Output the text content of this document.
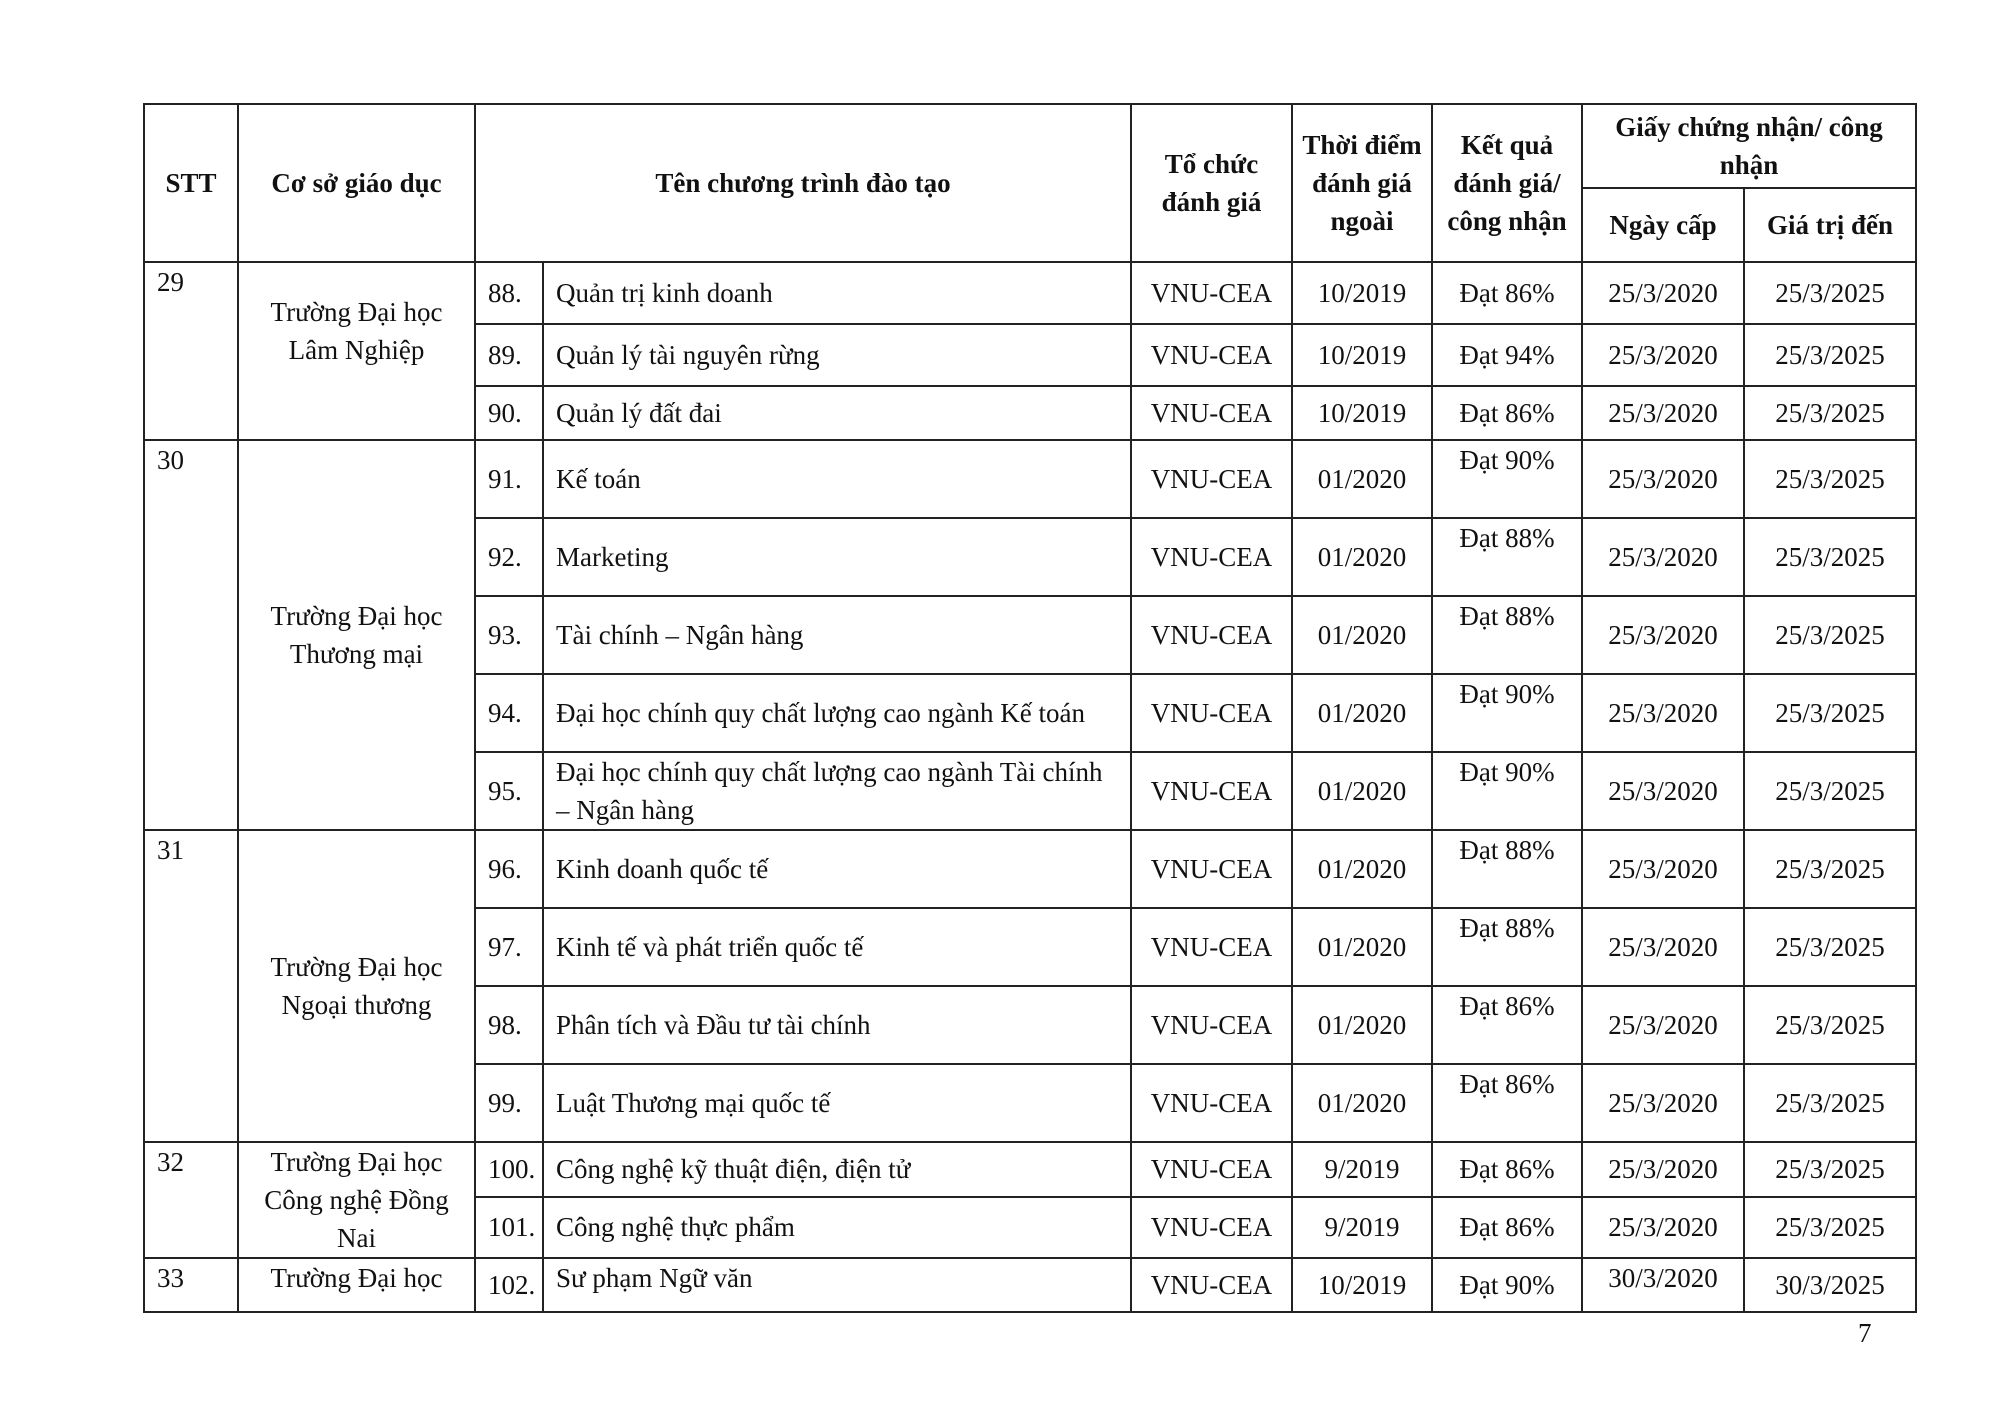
STT	Cơ sở giáo dục	Tên chương trình đào tạo		Tổ chức đánh giá	Thời điểm đánh giá ngoài	Kết quả đánh giá/ công nhận	Giấy chứng nhận/ công nhận	
							Ngày cấp	Giá trị đến
29	Trường Đại học Lâm Nghiệp	88.	Quản trị kinh doanh	VNU-CEA	10/2019	Đạt 86%	25/3/2020	25/3/2025
		89.	Quản lý tài nguyên rừng	VNU-CEA	10/2019	Đạt 94%	25/3/2020	25/3/2025
		90.	Quản lý đất đai	VNU-CEA	10/2019	Đạt 86%	25/3/2020	25/3/2025
30	Trường Đại học Thương mại	91.	Kế toán	VNU-CEA	01/2020	Đạt 90%	25/3/2020	25/3/2025
		92.	Marketing	VNU-CEA	01/2020	Đạt 88%	25/3/2020	25/3/2025
		93.	Tài chính – Ngân hàng	VNU-CEA	01/2020	Đạt 88%	25/3/2020	25/3/2025
		94.	Đại học chính quy chất lượng cao ngành Kế toán	VNU-CEA	01/2020	Đạt 90%	25/3/2020	25/3/2025
		95.	Đại học chính quy chất lượng cao ngành Tài chính – Ngân hàng	VNU-CEA	01/2020	Đạt 90%	25/3/2020	25/3/2025
31	Trường Đại học Ngoại thương	96.	Kinh doanh quốc tế	VNU-CEA	01/2020	Đạt 88%	25/3/2020	25/3/2025
		97.	Kinh tế và phát triển quốc tế	VNU-CEA	01/2020	Đạt 88%	25/3/2020	25/3/2025
		98.	Phân tích và Đầu tư tài chính	VNU-CEA	01/2020	Đạt 86%	25/3/2020	25/3/2025
		99.	Luật Thương mại quốc tế	VNU-CEA	01/2020	Đạt 86%	25/3/2020	25/3/2025
32	Trường Đại học Công nghệ Đồng Nai	100.	Công nghệ kỹ thuật điện, điện tử	VNU-CEA	9/2019	Đạt 86%	25/3/2020	25/3/2025
		101.	Công nghệ thực phẩm	VNU-CEA	9/2019	Đạt 86%	25/3/2020	25/3/2025
33	Trường Đại học	102.	Sư phạm Ngữ văn	VNU-CEA	10/2019	Đạt 90%	30/3/2020	30/3/2025
7
